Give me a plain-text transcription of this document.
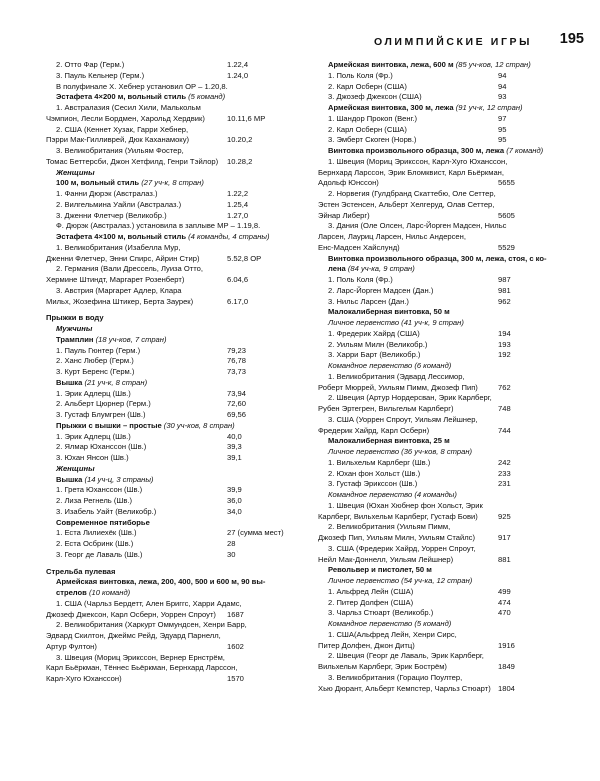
ОЛИМПИЙСКИЕ ИГРЫ 195
2. Отто Фар (Герм.)	1.22,4
3. Пауль Кельнер (Герм.)	1.24,0
В полуфинале Х. Хебнер установил ОР – 1.20,8.
Эстафета 4×200 м, вольный стиль (5 команд)
1. Австралазия (Сесил Хили, Малькольм
Чэмпион, Лесли Бордмен, Харольд Хердвик)	10.11,6 МР
2. США (Кеннет Хузак, Гарри Хебнер,
Пэрри Мак-Гилливрей, Дюк Каханамоку)	10.20,2
3. Великобритания (Уильям Фостер,
Томас Беттерсби, Джон Хетфилд, Генри Тэйлор) 10.28,2
Женщины
100 м, вольный стиль (27 уч-к, 8 стран)
1. Фанни Дюрэк (Австралаз.)	1.22,2
2. Вилгельмина Уайли (Австралаз.)	1.25,4
3. Дженни Флетчер (Великобр.)	1.27,0
Ф. Дюрэк (Австралаз.) установила в заплыве МР – 1.19,8.
Эстафета 4×100 м, вольный стиль (4 команды, 4 страны)
1. Великобритания (Изабелла Мур,
Дженни Флетчер, Энни Спирс, Айрин Стир)	5.52,8 ОР
2. Германия (Вали Дрессель, Луиза Отто,
Хермине Штиндт, Маргарет Розенберт)	6.04,6
3. Австрия (Маргарет Адлер, Клара
Мильх, Жозефина Штикер, Берта Заурек)	6.17,0
Прыжки в воду
Мужчины
Трамплин (18 уч-ков, 7 стран)
1. Пауль Гюнтер (Герм.)	79,23
2. Ханс Любер (Герм.)	76,78
3. Курт Беренс (Герм.)	73,73
Вышка (21 уч-к, 8 стран)
1. Эрик Адлерц (Шв.)	73,94
2. Альберт Цюрнер (Герм.)	72,60
3. Густаф Блумгрен (Шв.)	69,56
Прыжки с вышки – простые (30 уч-ков, 8 стран)
1. Эрик Адлерц (Шв.)	40,0
2. Ялмар Юханссон (Шв.)	39,3
3. Юхан Янсон (Шв.)	39,1
Женщины
Вышка (14 уч-ц, 3 страны)
1. Грета Юханссон (Шв.)	39,9
2. Лиза Регнель (Шв.)	36,0
3. Изабель Уайт (Великобр.)	34,0
Современное пятиборье
1. Еста Лилиехёк (Шв.)	27 (сумма мест)
2. Еста Осбринк (Шв.)	28
3. Георг де Лаваль (Шв.)	30
Стрельба пулевая
Армейская винтовка, лежа, 200, 400, 500 и 600 м, 90 вы-
стрелов (10 команд)
1. США (Чарльз Бердетт, Ален Бриггс, Харри Адамс,
Джозеф Джексон, Карл Осберн, Уоррен Спроут) 1687
2. Великобритания (Харкурт Оммундсен, Хенри Барр,
Эдвард Скилтон, Джеймс Рейд, Эдуард Парнелл,
Артур Фултон)	1602
3. Швеция (Мориц Эрикссон, Вернер Ернстрём,
Карл Бьёркман, Тённес Бьёркман, Бернхард Ларссон,
Карл-Хуго Юханссон)	1570
Армейская винтовка, лежа, 600 м (85 уч-ков, 12 стран)
1. Поль Коля (Фр.)	94
2. Карл Осберн (США)	94
3. Джозеф Джексон (США)	93
Армейская винтовка, 300 м, лежа (91 уч-к, 12 стран)
1. Шандор Прокоп (Венг.)	97
2. Карл Осберн (США)	95
3. Эмберт Скоген (Норв.)	95
Винтовка произвольного образца, 300 м, лежа (7 команд)
1. Швеция (Мориц Эрикссон, Карл-Хуго Юханссон,
Бернхард Ларссон, Эрик Бломквист, Карл Бьёркман,
Адольф Юнссон)	5655
2. Норвегия (Гулдбранд Скаттебю, Оле Сеттер,
Эстен Эстенсен, Альберт Хелгеруд, Олав Сеттер,
Эйнар Либерг)	5605
3. Дания (Оле Олсен, Ларс-Йорген Мадсен, Нильс
Ларсен, Лауриц Ларсен, Нильс Андерсен,
Енс-Мадсен Хайслунд)	5529
Винтовка произвольного образца, 300 м, лежа, стоя, с ко-
лена (84 уч-ка, 9 стран)
1. Поль Коля (Фр.)	987
2. Ларс-Йорген Мадсен (Дан.)	981
3. Нильс Ларсен (Дан.)	962
Малокалиберная винтовка, 50 м
Личное первенство (41 уч-к, 9 стран)
1. Фредерик Хайрд (США)	194
2. Уильям Милн (Великобр.)	193
3. Харри Барт (Великобр.)	192
Командное первенство (6 команд)
1. Великобритания (Эдвард Лессимор,
Роберт Мюррей, Уильям Пимм, Джозеф Пип)	762
2. Швеция (Артур Нордерсван, Эрик Карлберг,
Рубен Эртегрен, Вильгельм Карлберг)	748
3. США (Уоррен Спроут, Уильям Лейшнер,
Фредерик Хайрд, Карл Осберн)	744
Малокалиберная винтовка, 25 м
Личное первенство (36 уч-ков, 8 стран)
1. Вильхельм Карлберг (Шв.)	242
2. Юхан фон Хольст (Шв.)	233
3. Густаф Эрикссон (Шв.)	231
Командное первенство (4 команды)
1. Швеция (Юхан Хюбнер фон Хольст, Эрик
Карлберг, Вильхельм Карлберг, Густаф Бови)	925
2. Великобритания (Уильям Пимм,
Джозеф Пип, Уильям Милн, Уильям Стайлс)	917
3. США (Фредерик Хайрд, Уоррен Спроут,
Нейл Мак-Доннелл, Уильям Лейшнер)	881
Револьвер и пистолет, 50 м
Личное первенство (54 уч-ка, 12 стран)
1. Альфред Лейн (США)	499
2. Питер Долфен (США)	474
3. Чарльз Стюарт (Великобр.)	470
Командное первенство (5 команд)
1. США(Альфред Лейн, Хенри Сирс,
Питер Долфен, Джон Дитц)	1916
2. Швеция (Георг де Лаваль, Эрик Карлберг,
Вильхельм Карлберг, Эрик Бострём)	1849
3. Великобритания (Горацио Поултер,
Хью Дюрант, Альберт Кемпстер, Чарльз Стюарт) 1804
